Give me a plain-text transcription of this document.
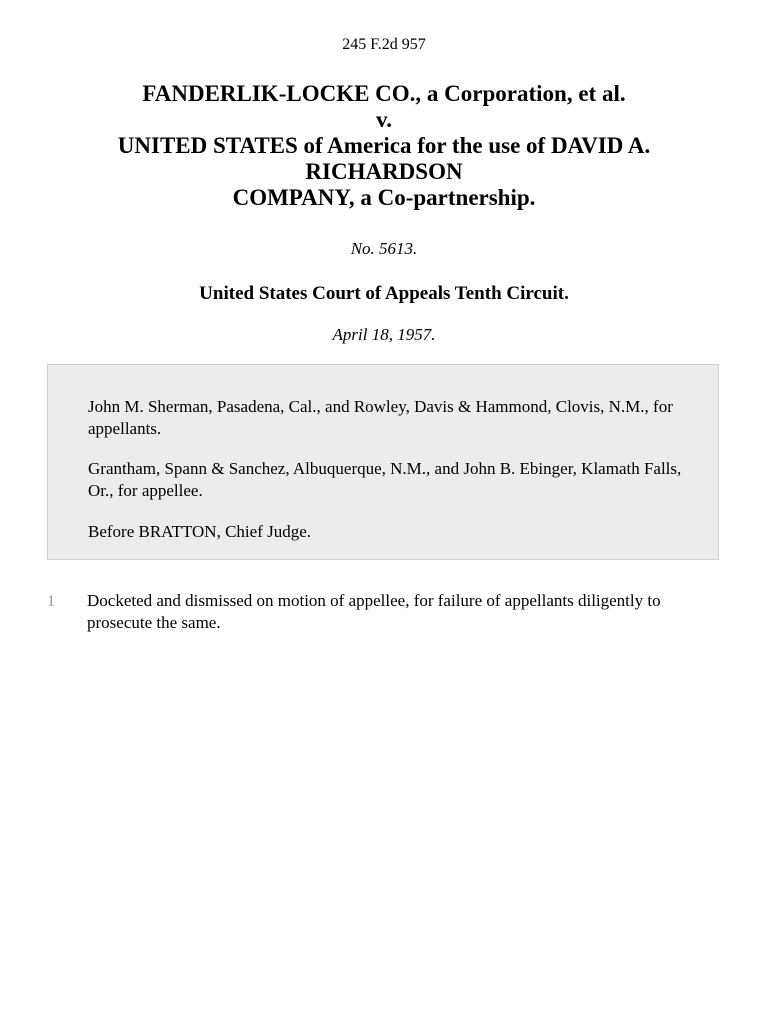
245 F.2d 957
FANDERLIK-LOCKE CO., a Corporation, et al.
v.
UNITED STATES of America for the use of DAVID A.
RICHARDSON
COMPANY, a Co-partnership.
No. 5613.
United States Court of Appeals Tenth Circuit.
April 18, 1957.

John M. Sherman, Pasadena, Cal., and Rowley, Davis & Hammond, Clovis, N.M., for appellants.

Grantham, Spann & Sanchez, Albuquerque, N.M., and John B. Ebinger, Klamath Falls, Or., for appellee.

Before BRATTON, Chief Judge.

1 Docketed and dismissed on motion of appellee, for failure of appellants diligently to prosecute the same.
